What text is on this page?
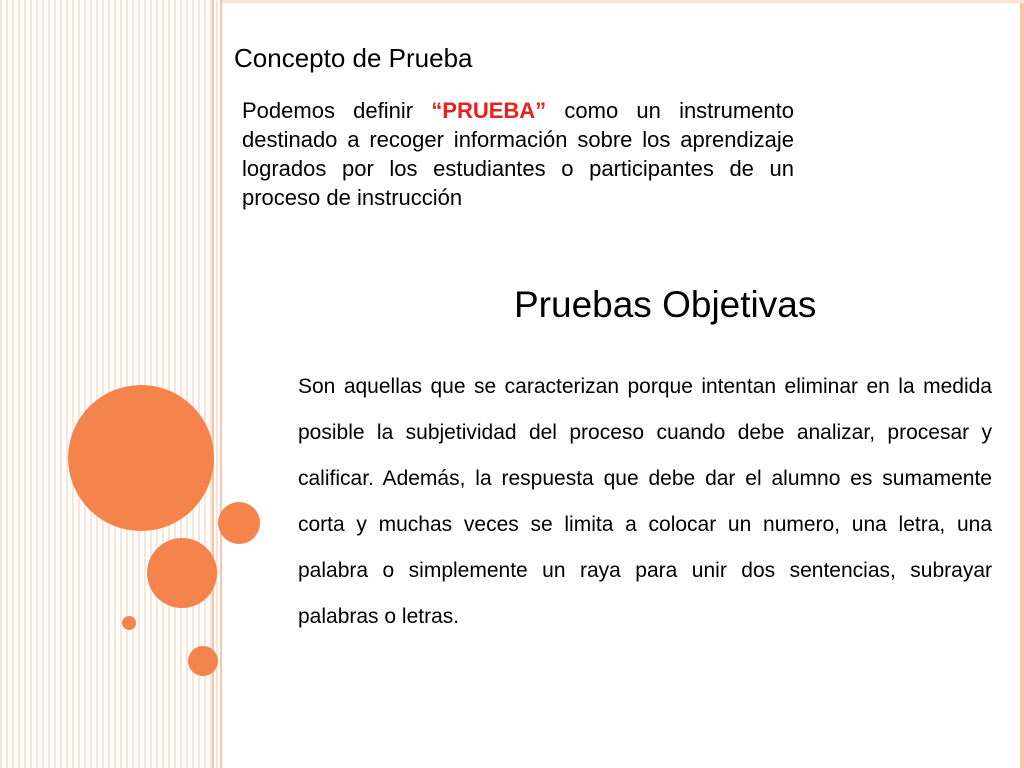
Concepto de Prueba

Podemos definir “PRUEBA” como un instrumento destinado a recoger información sobre los aprendizaje logrados por los estudiantes o participantes de un proceso de instrucción

Pruebas Objetivas

Son aquellas que se caracterizan porque intentan eliminar en la medida posible la subjetividad del proceso cuando debe analizar, procesar y calificar. Además, la respuesta que debe dar el alumno es sumamente corta y muchas veces se limita a colocar un numero, una letra, una palabra o simplemente un raya para unir dos sentencias, subrayar palabras o letras.
